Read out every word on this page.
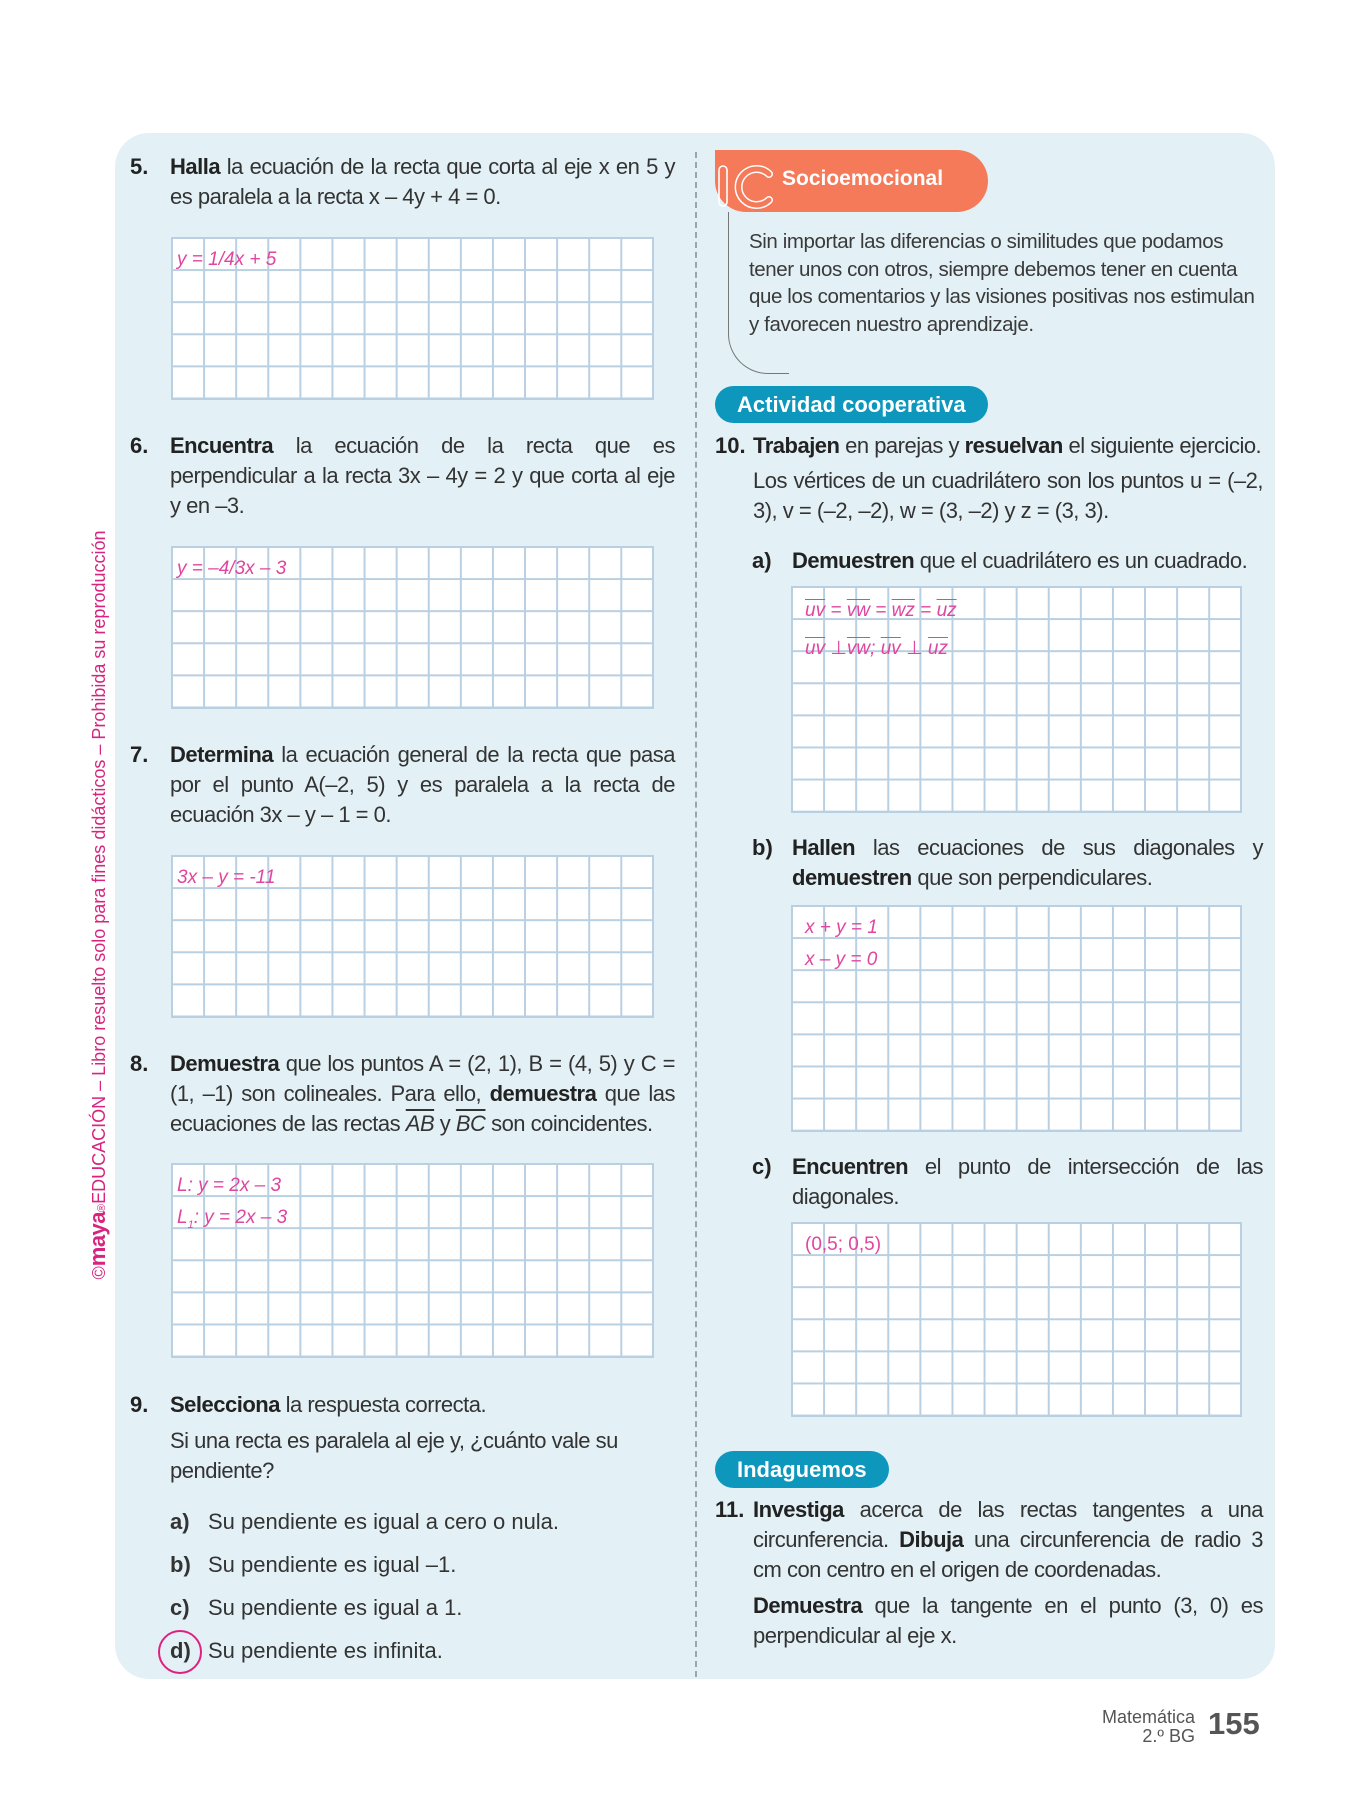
©maya®EDUCACIÓN – Libro resuelto solo para fines didácticos – Prohibida su reproducción
5. Halla la ecuación de la recta que corta al eje x en 5 y es paralela a la recta x – 4y + 4 = 0.
y = 1/4x + 5
6. Encuentra la ecuación de la recta que es perpendicular a la recta 3x – 4y = 2 y que corta al eje y en –3.
y = –4/3x – 3
7. Determina la ecuación general de la recta que pasa por el punto A(–2, 5) y es paralela a la recta de ecuación 3x – y – 1 = 0.
3x – y = -11
8. Demuestra que los puntos A = (2, 1), B = (4, 5) y C = (1, –1) son colineales. Para ello, demuestra que las ecuaciones de las rectas $\overline{AB}$ y $\overline{BC}$ son coincidentes.
L: y = 2x – 3
$L_1$: y = 2x – 3
9. Selecciona la respuesta correcta.
Si una recta es paralela al eje y, ¿cuánto vale su pendiente?
a) Su pendiente es igual a cero o nula.
b) Su pendiente es igual –1.
c) Su pendiente es igual a 1.
d) Su pendiente es infinita.
Socioemocional
Sin importar las diferencias o similitudes que podamos tener unos con otros, siempre debemos tener en cuenta que los comentarios y las visiones positivas nos estimulan y favorecen nuestro aprendizaje.
Actividad cooperativa
10. Trabajen en parejas y resuelvan el siguiente ejercicio.
Los vértices de un cuadrilátero son los puntos u = (–2, 3), v = (–2, –2), w = (3, –2) y z = (3, 3).
a) Demuestren que el cuadrilátero es un cuadrado.
$\overline{uv} = \overline{vw} = \overline{wz} = \overline{uz}$
$\overline{uv}$ $\perp\overline{vw}$; $\overline{uv}$ ⊥ $\overline{uz}$
b) Hallen las ecuaciones de sus diagonales y demuestren que son perpendiculares.
x + y = 1
x – y = 0
c) Encuentren el punto de intersección de las diagonales.
(0,5; 0,5)
Indaguemos
11. Investiga acerca de las rectas tangentes a una circunferencia. Dibuja una circunferencia de radio 3 cm con centro en el origen de coordenadas.
Demuestra que la tangente en el punto (3, 0) es perpendicular al eje x.
Matemática
2.º BG 155
